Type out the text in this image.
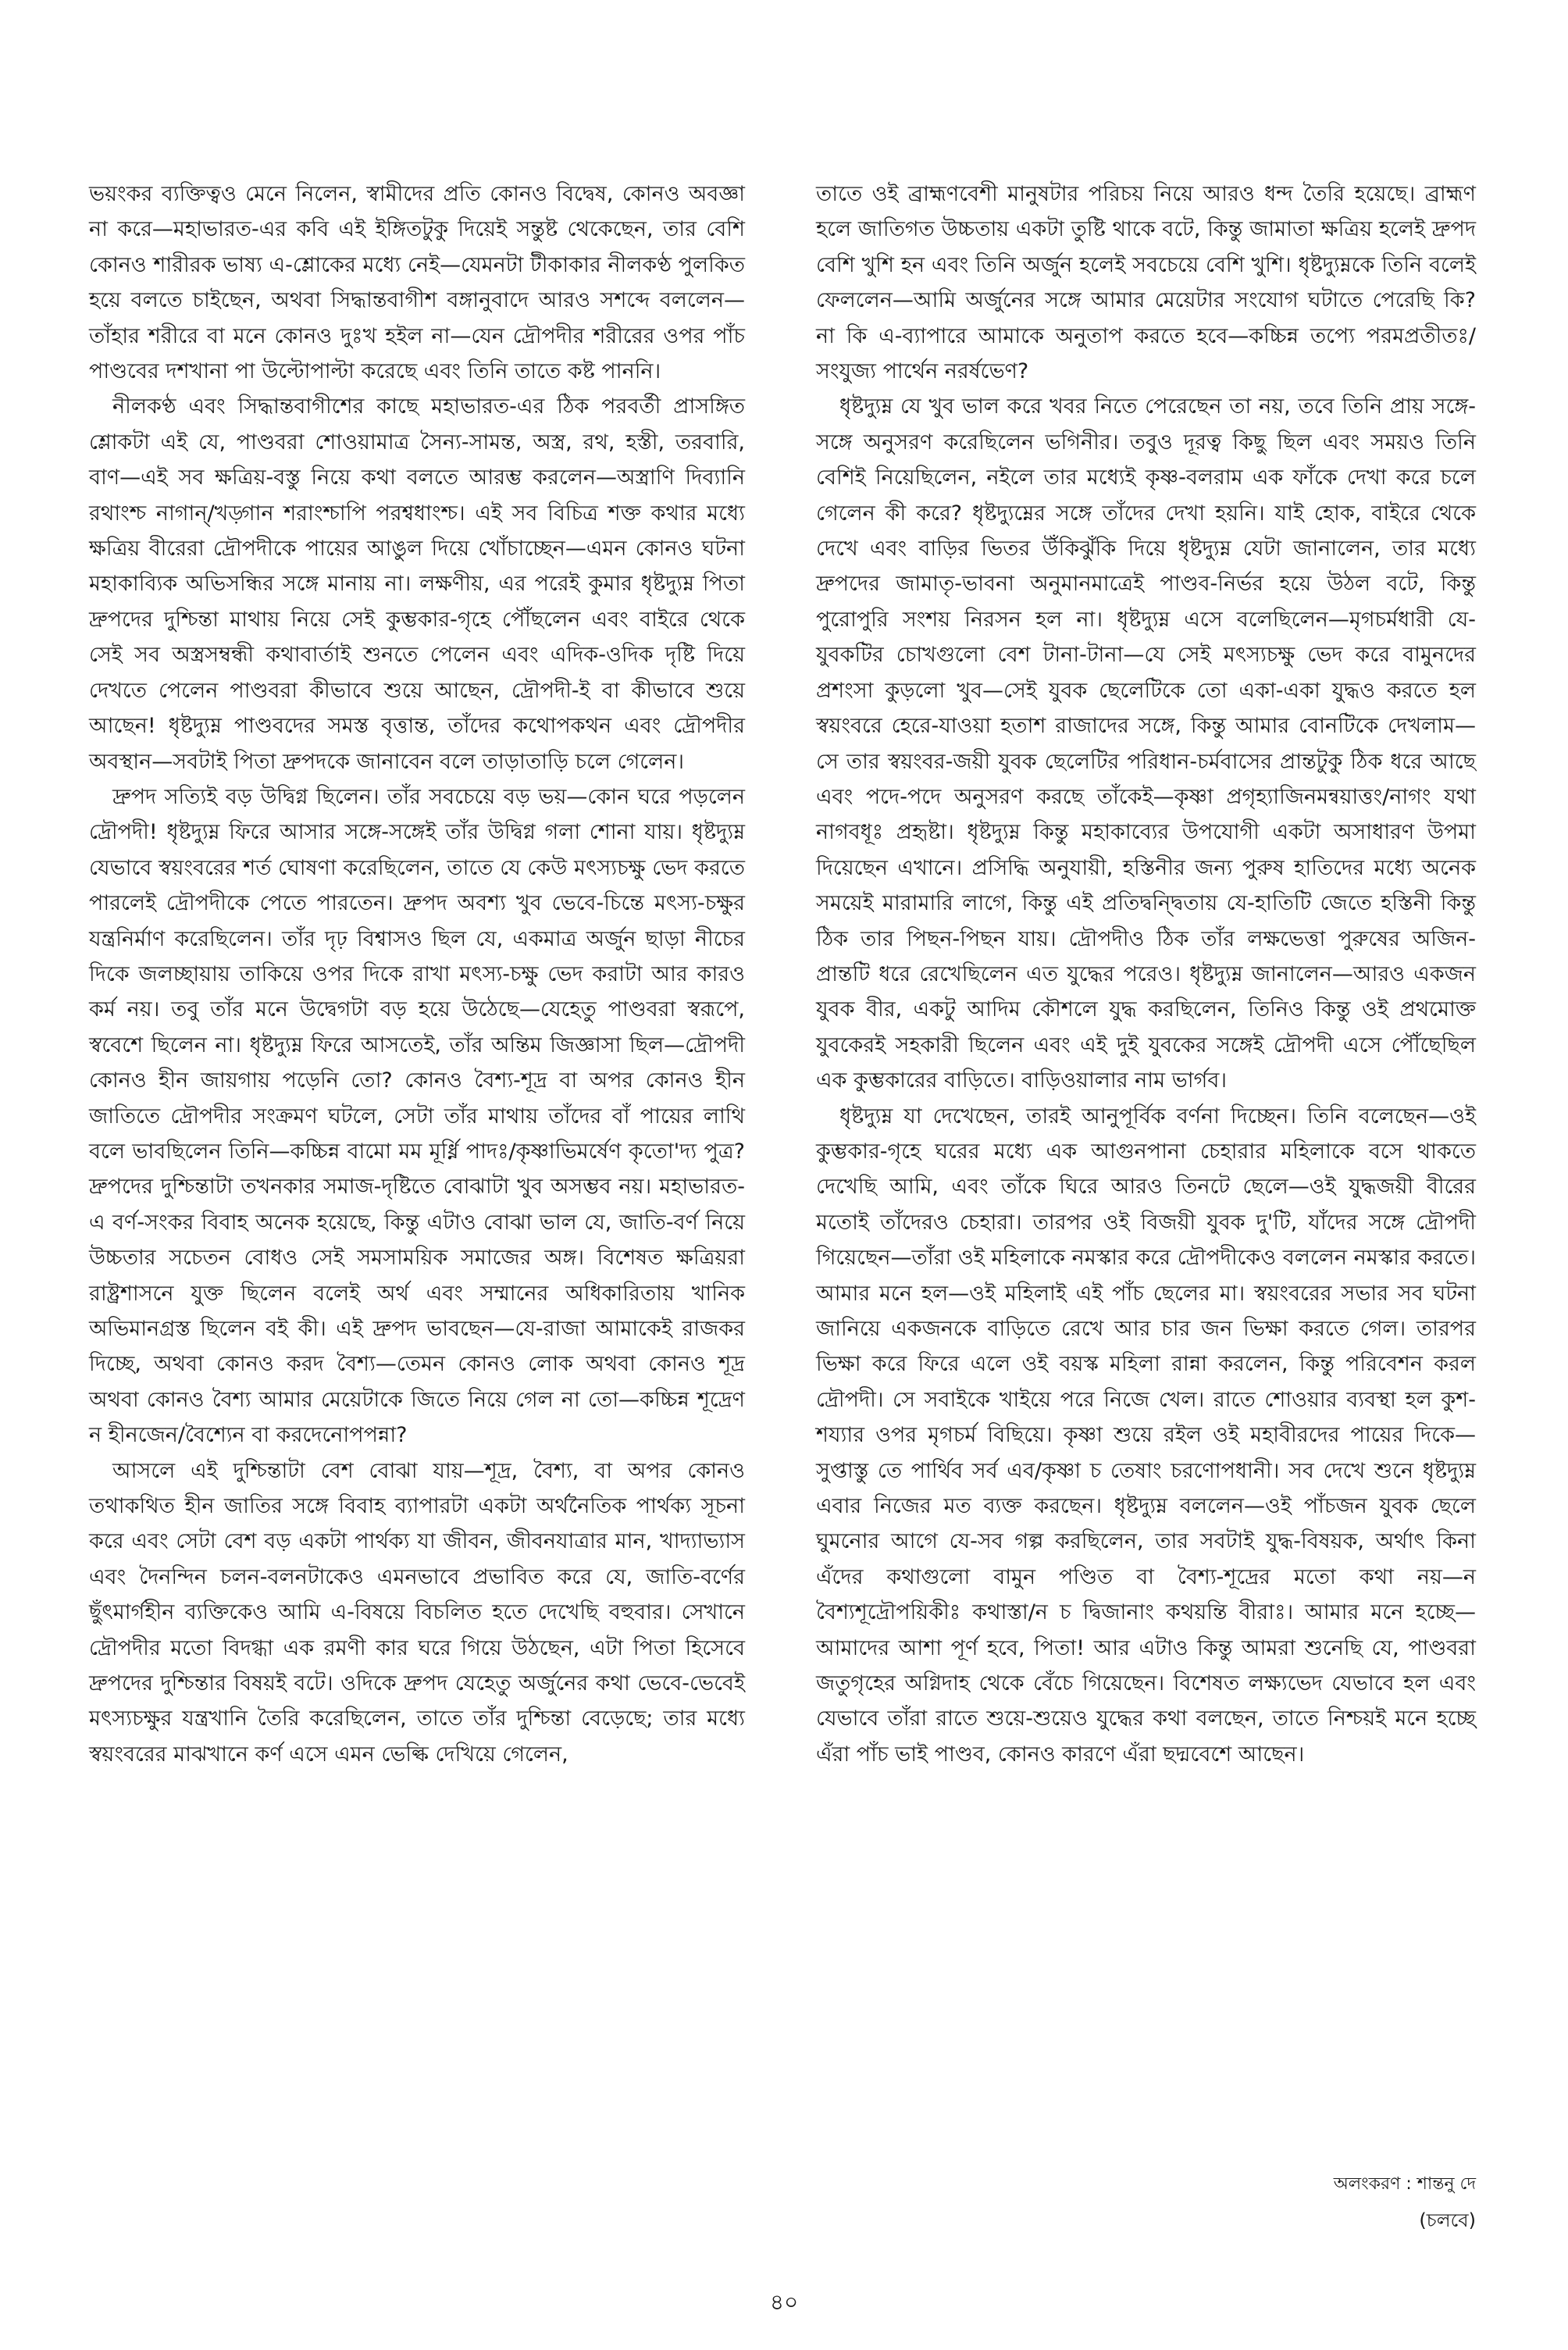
ভয়ংকর ব্যক্তিত্বও মেনে নিলেন, স্বামীদের প্রতি কোনও বিদ্বেষ, কোনও অবজ্ঞা না করে—মহাভারত-এর কবি এই ইঙ্গিতটুকু দিয়েই সন্তুষ্ট থেকেছেন, তার বেশি কোনও শারীরক ভাষ্য এ-শ্লোকের মধ্যে নেই—যেমনটা টীকাকার নীলকণ্ঠ পুলকিত হয়ে বলতে চাইছেন, অথবা সিদ্ধান্তবাগীশ বঙ্গানুবাদে আরও সশব্দে বললেন—তাঁহার শরীরে বা মনে কোনও দুঃখ হইল না—যেন দ্রৌপদীর শরীরের ওপর পাঁচ পাণ্ডবের দশখানা পা উল্টোপাল্টা করেছে এবং তিনি তাতে কষ্ট পাননি।

নীলকণ্ঠ এবং সিদ্ধান্তবাগীশের কাছে মহাভারত-এর ঠিক পরবর্তী প্রাসঙ্গিত শ্লোকটা এই যে, পাণ্ডবরা শোওয়ামাত্র সৈন্য-সামন্ত, অস্ত্র, রথ, হস্তী, তরবারি, বাণ—এই সব ক্ষত্রিয়-বস্তু নিয়ে কথা বলতে আরম্ভ করলেন—অস্ত্রাণি দিব্যানি রথাংশ্চ নাগান্/খড়্গান শরাংশ্চাপি পরশ্বধাংশ্চ। এই সব বিচিত্র শক্ত কথার মধ্যে ক্ষত্রিয় বীরেরা দ্রৌপদীকে পায়ের আঙুল দিয়ে খোঁচাচ্ছেন—এমন কোনও ঘটনা মহাকাব্যিক অভিসন্ধির সঙ্গে মানায় না। লক্ষণীয়, এর পরেই কুমার ধৃষ্টদ্যুম্ন পিতা দ্রুপদের দুশ্চিন্তা মাথায় নিয়ে সেই কুম্ভকার-গৃহে পৌঁছলেন এবং বাইরে থেকে সেই সব অস্ত্রসম্বন্ধী কথাবার্তাই শুনতে পেলেন এবং এদিক-ওদিক দৃষ্টি দিয়ে দেখতে পেলেন পাণ্ডবরা কীভাবে শুয়ে আছেন, দ্রৌপদী-ই বা কীভাবে শুয়ে আছেন! ধৃষ্টদ্যুম্ন পাণ্ডবদের সমস্ত বৃত্তান্ত, তাঁদের কথোপকথন এবং দ্রৌপদীর অবস্থান—সবটাই পিতা দ্রুপদকে জানাবেন বলে তাড়াতাড়ি চলে গেলেন।

দ্রুপদ সত্যিই বড় উদ্বিগ্ন ছিলেন। তাঁর সবচেয়ে বড় ভয়—কোন ঘরে পড়লেন দ্রৌপদী! ধৃষ্টদ্যুম্ন ফিরে আসার সঙ্গে-সঙ্গেই তাঁর উদ্বিগ্ন গলা শোনা যায়। ধৃষ্টদ্যুম্ন যেভাবে স্বয়ংবরের শর্ত ঘোষণা করেছিলেন, তাতে যে কেউ মৎস্যচক্ষু ভেদ করতে পারলেই দ্রৌপদীকে পেতে পারতেন। দ্রুপদ অবশ্য খুব ভেবে-চিন্তে মৎস্য-চক্ষুর যন্ত্রনির্মাণ করেছিলেন। তাঁর দৃঢ় বিশ্বাসও ছিল যে, একমাত্র অর্জুন ছাড়া নীচের দিকে জলচ্ছায়ায় তাকিয়ে ওপর দিকে রাখা মৎস্য-চক্ষু ভেদ করাটা আর কারও কর্ম নয়। তবু তাঁর মনে উদ্বেগটা বড় হয়ে উঠেছে—যেহেতু পাণ্ডবরা স্বরূপে, স্ববেশে ছিলেন না। ধৃষ্টদ্যুম্ন ফিরে আসতেই, তাঁর অন্তিম জিজ্ঞাসা ছিল—দ্রৌপদী কোনও হীন জায়গায় পড়েনি তো? কোনও বৈশ্য-শূদ্র বা অপর কোনও হীন জাতিতে দ্রৌপদীর সংক্রমণ ঘটলে, সেটা তাঁর মাথায় তাঁদের বাঁ পায়ের লাথি বলে ভাবছিলেন তিনি—কচ্চিন্ন বামো মম মূর্ধ্নি পাদঃ/কৃষ্ণাভিমর্ষেণ কৃতো'দ্য পুত্র? দ্রুপদের দুশ্চিন্তাটা তখনকার সমাজ-দৃষ্টিতে বোঝাটা খুব অসম্ভব নয়। মহাভারত-এ বর্ণ-সংকর বিবাহ অনেক হয়েছে, কিন্তু এটাও বোঝা ভাল যে, জাতি-বর্ণ নিয়ে উচ্চতার সচেতন বোধও সেই সমসাময়িক সমাজের অঙ্গ। বিশেষত ক্ষত্রিয়রা রাষ্ট্রশাসনে যুক্ত ছিলেন বলেই অর্থ এবং সম্মানের অধিকারিতায় খানিক অভিমানগ্রস্ত ছিলেন বই কী। এই দ্রুপদ ভাবছেন—যে-রাজা আমাকেই রাজকর দিচ্ছে, অথবা কোনও করদ বৈশ্য—তেমন কোনও লোক অথবা কোনও শূদ্র অথবা কোনও বৈশ্য আমার মেয়েটাকে জিতে নিয়ে গেল না তো—কচ্চিন্ন শূদ্রেণ ন হীনজেন/বৈশ্যেন বা করদেনোপপন্না?

আসলে এই দুশ্চিন্তাটা বেশ বোঝা যায়—শূদ্র, বৈশ্য, বা অপর কোনও তথাকথিত হীন জাতির সঙ্গে বিবাহ ব্যাপারটা একটা অর্থনৈতিক পার্থক্য সূচনা করে এবং সেটা বেশ বড় একটা পার্থক্য যা জীবন, জীবনযাত্রার মান, খাদ্যাভ্যাস এবং দৈনন্দিন চলন-বলনটাকেও এমনভাবে প্রভাবিত করে যে, জাতি-বর্ণের ছুঁৎমার্গহীন ব্যক্তিকেও আমি এ-বিষয়ে বিচলিত হতে দেখেছি বহুবার। সেখানে দ্রৌপদীর মতো বিদগ্ধা এক রমণী কার ঘরে গিয়ে উঠছেন, এটা পিতা হিসেবে দ্রুপদের দুশ্চিন্তার বিষয়ই বটে। ওদিকে দ্রুপদ যেহেতু অর্জুনের কথা ভেবে-ভেবেই মৎস্যচক্ষুর যন্ত্রখানি তৈরি করেছিলেন, তাতে তাঁর দুশ্চিন্তা বেড়েছে; তার মধ্যে স্বয়ংবরের মাঝখানে কর্ণ এসে এমন ভেল্কি দেখিয়ে গেলেন,

তাতে ওই ব্রাহ্মণবেশী মানুষটার পরিচয় নিয়ে আরও ধন্দ তৈরি হয়েছে। ব্রাহ্মণ হলে জাতিগত উচ্চতায় একটা তুষ্টি থাকে বটে, কিন্তু জামাতা ক্ষত্রিয় হলেই দ্রুপদ বেশি খুশি হন এবং তিনি অর্জুন হলেই সবচেয়ে বেশি খুশি। ধৃষ্টদ্যুম্নকে তিনি বলেই ফেললেন—আমি অর্জুনের সঙ্গে আমার মেয়েটার সংযোগ ঘটাতে পেরেছি কি? না কি এ-ব্যাপারে আমাকে অনুতাপ করতে হবে—কচ্চিন্ন তপ্যে পরমপ্রতীতঃ/সংযুজ্য পার্থেন নরর্ষভেণ?

ধৃষ্টদ্যুম্ন যে খুব ভাল করে খবর নিতে পেরেছেন তা নয়, তবে তিনি প্রায় সঙ্গে-সঙ্গে অনুসরণ করেছিলেন ভগিনীর। তবুও দূরত্ব কিছু ছিল এবং সময়ও তিনি বেশিই নিয়েছিলেন, নইলে তার মধ্যেই কৃষ্ণ-বলরাম এক ফাঁকে দেখা করে চলে গেলেন কী করে? ধৃষ্টদ্যুম্নের সঙ্গে তাঁদের দেখা হয়নি। যাই হোক, বাইরে থেকে দেখে এবং বাড়ির ভিতর উঁকিঝুঁকি দিয়ে ধৃষ্টদ্যুম্ন যেটা জানালেন, তার মধ্যে দ্রুপদের জামাতৃ-ভাবনা অনুমানমাত্রেই পাণ্ডব-নির্ভর হয়ে উঠল বটে, কিন্তু পুরোপুরি সংশয় নিরসন হল না। ধৃষ্টদ্যুম্ন এসে বলেছিলেন—মৃগচর্মধারী যে-যুবকটির চোখগুলো বেশ টানা-টানা—যে সেই মৎস্যচক্ষু ভেদ করে বামুনদের প্রশংসা কুড়লো খুব—সেই যুবক ছেলেটিকে তো একা-একা যুদ্ধও করতে হল স্বয়ংবরে হেরে-যাওয়া হতাশ রাজাদের সঙ্গে, কিন্তু আমার বোনটিকে দেখলাম—সে তার স্বয়ংবর-জয়ী যুবক ছেলেটির পরিধান-চর্মবাসের প্রান্তটুকু ঠিক ধরে আছে এবং পদে-পদে অনুসরণ করছে তাঁকেই—কৃষ্ণা প্রগৃহ্যাজিনমন্বয়াত্তং/নাগং যথা নাগবধূঃ প্রহৃষ্টা। ধৃষ্টদ্যুম্ন কিন্তু মহাকাব্যের উপযোগী একটা অসাধারণ উপমা দিয়েছেন এখানে। প্রসিদ্ধি অনুযায়ী, হস্তিনীর জন্য পুরুষ হাতিদের মধ্যে অনেক সময়েই মারামারি লাগে, কিন্তু এই প্রতিদ্বন্দ্বিতায় যে-হাতিটি জেতে হস্তিনী কিন্তু ঠিক তার পিছন-পিছন যায়। দ্রৌপদীও ঠিক তাঁর লক্ষভেত্তা পুরুষের অজিন-প্রান্তটি ধরে রেখেছিলেন এত যুদ্ধের পরেও। ধৃষ্টদ্যুম্ন জানালেন—আরও একজন যুবক বীর, একটু আদিম কৌশলে যুদ্ধ করছিলেন, তিনিও কিন্তু ওই প্রথমোক্ত যুবকেরই সহকারী ছিলেন এবং এই দুই যুবকের সঙ্গেই দ্রৌপদী এসে পৌঁছেছিল এক কুম্ভকারের বাড়িতে। বাড়িওয়ালার নাম ভার্গব।

ধৃষ্টদ্যুম্ন যা দেখেছেন, তারই আনুপূর্বিক বর্ণনা দিচ্ছেন। তিনি বলেছেন—ওই কুম্ভকার-গৃহে ঘরের মধ্যে এক আগুনপানা চেহারার মহিলাকে বসে থাকতে দেখেছি আমি, এবং তাঁকে ঘিরে আরও তিনটে ছেলে—ওই যুদ্ধজয়ী বীরের মতোই তাঁদেরও চেহারা। তারপর ওই বিজয়ী যুবক দু'টি, যাঁদের সঙ্গে দ্রৌপদী গিয়েছেন—তাঁরা ওই মহিলাকে নমস্কার করে দ্রৌপদীকেও বললেন নমস্কার করতে। আমার মনে হল—ওই মহিলাই এই পাঁচ ছেলের মা। স্বয়ংবরের সভার সব ঘটনা জানিয়ে একজনকে বাড়িতে রেখে আর চার জন ভিক্ষা করতে গেল। তারপর ভিক্ষা করে ফিরে এলে ওই বয়স্ক মহিলা রান্না করলেন, কিন্তু পরিবেশন করল দ্রৌপদী। সে সবাইকে খাইয়ে পরে নিজে খেল। রাতে শোওয়ার ব্যবস্থা হল কুশ-শয্যার ওপর মৃগচর্ম বিছিয়ে। কৃষ্ণা শুয়ে রইল ওই মহাবীরদের পায়ের দিকে—সুপ্তাস্তু তে পার্থিব সর্ব এব/কৃষ্ণা চ তেষাং চরণোপধানী। সব দেখে শুনে ধৃষ্টদ্যুম্ন এবার নিজের মত ব্যক্ত করছেন। ধৃষ্টদ্যুম্ন বললেন—ওই পাঁচজন যুবক ছেলে ঘুমনোর আগে যে-সব গল্প করছিলেন, তার সবটাই যুদ্ধ-বিষয়ক, অর্থাৎ কিনা এঁদের কথাগুলো বামুন পণ্ডিত বা বৈশ্য-শূদ্রের মতো কথা নয়—ন বৈশ্যশূদ্রৌপয়িকীঃ কথাস্তা/ন চ দ্বিজানাং কথয়ন্তি বীরাঃ। আমার মনে হচ্ছে—আমাদের আশা পূর্ণ হবে, পিতা! আর এটাও কিন্তু আমরা শুনেছি যে, পাণ্ডবরা জতুগৃহের অগ্নিদাহ থেকে বেঁচে গিয়েছেন। বিশেষত লক্ষ্যভেদ যেভাবে হল এবং যেভাবে তাঁরা রাতে শুয়ে-শুয়েও যুদ্ধের কথা বলছেন, তাতে নিশ্চয়ই মনে হচ্ছে এঁরা পাঁচ ভাই পাণ্ডব, কোনও কারণে এঁরা ছদ্মবেশে আছেন।

অলংকরণ : শান্তনু দে
(চলবে)
৪০
